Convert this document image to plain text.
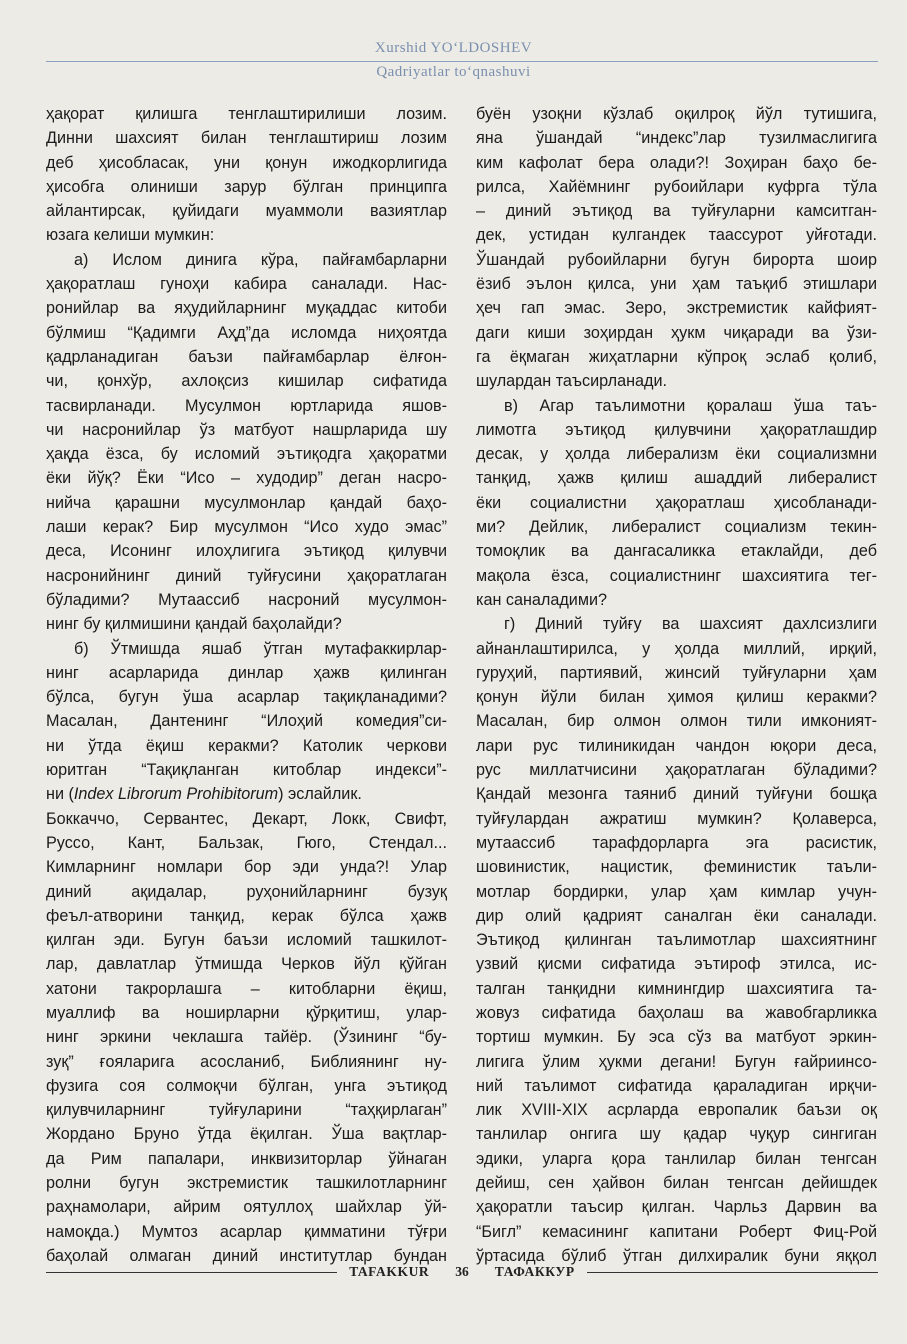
Xurshid YO‘LDOSHEV
Qadriyatlar to‘qnashuvi
ҳақорат қилишга тенглаштирилиши лозим.
Динни шахсият билан тенглаштириш лозим
деб ҳисобласак, уни қонун ижодкорлигида
ҳисобга олиниши зарур бўлган принципга
айлантирсак, қуйидаги муаммоли вазиятлар
юзага келиши мумкин:
а) Ислом динига кўра, пайғамбарларни
ҳақоратлаш гуноҳи кабира саналади. Нас-
ронийлар ва яҳудийларнинг муқаддас китоби
бўлмиш “Қадимги Аҳд”да исломда ниҳоятда
қадрланадиган баъзи пайғамбарлар ёлғон-
чи, қонхўр, ахлоқсиз кишилар сифатида
тасвирланади. Мусулмон юртларида яшов-
чи насронийлар ўз матбуот нашрларида шу
ҳақда ёзса, бу исломий эътиқодга ҳақоратми
ёки йўқ? Ёки “Исо – худодир” деган насро-
нийча қарашни мусулмонлар қандай баҳо-
лаши керак? Бир мусулмон “Исо худо эмас”
деса, Исонинг илоҳлигига эътиқод қилувчи
насронийнинг диний туйғусини ҳақоратлаган
бўладими? Мутаассиб насроний мусулмон-
нинг бу қилмишини қандай баҳолайди?
б) Ўтмишда яшаб ўтган мутафаккирлар-
нинг асарларида динлар ҳажв қилинган
бўлса, бугун ўша асарлар тақиқланадими?
Масалан, Дантенинг “Илоҳий комедия”си-
ни ўтда ёқиш керакми? Католик черкови
юритган “Тақиқланган китоблар индекси”-
ни (Index Librorum Prohibitorum) эслайлик.
Боккаччо, Сервантес, Декарт, Локк, Свифт,
Руссо, Кант, Бальзак, Гюго, Стендал...
Кимларнинг номлари бор эди унда?! Улар
диний ақидалар, руҳонийларнинг бузуқ
феъл-атворини танқид, керак бўлса ҳажв
қилган эди. Бугун баъзи исломий ташкилот-
лар, давлатлар ўтмишда Черков йўл қўйган
хатони такрорлашга – китобларни ёқиш,
муаллиф ва ноширларни қўрқитиш, улар-
нинг эркини чеклашга тайёр. (Ўзининг “бу-
зуқ” ғояларига асосланиб, Библиянинг ну-
фузига соя солмоқчи бўлган, унга эътиқод
қилувчиларнинг туйғуларини “таҳқирлаган”
Жордано Бруно ўтда ёқилган. Ўша вақтлар-
да Рим папалари, инквизиторлар ўйнаган
ролни бугун экстремистик ташкилотларнинг
раҳнамолари, айрим оятуллоҳ шайхлар ўй-
намоқда.) Мумтоз асарлар қимматини тўғри
баҳолай олмаган диний институтлар бундан
буён узоқни кўзлаб оқилроқ йўл тутишига,
яна ўшандай “индекс”лар тузилмаслигига
ким кафолат бера олади?! Зоҳиран баҳо бе-
рилса, Хайёмнинг рубоийлари куфрга тўла
– диний эътиқод ва туйғуларни камситган-
дек, устидан кулгандек таассурот уйғотади.
Ўшандай рубоийларни бугун бирорта шоир
ёзиб эълон қилса, уни ҳам таъқиб этишлари
ҳеч гап эмас. Зеро, экстремистик кайфият-
даги киши зоҳирдан ҳукм чиқаради ва ўзи-
га ёқмаган жиҳатларни кўпроқ эслаб қолиб,
шулардан таъсирланади.
в) Агар таълимотни қоралаш ўша таъ-
лимотга эътиқод қилувчини ҳақоратлашдир
десак, у ҳолда либерализм ёки социализмни
танқид, ҳажв қилиш ашаддий либералист
ёки социалистни ҳақоратлаш ҳисобланади-
ми? Дейлик, либералист социализм текин-
томоқлик ва дангасаликка етаклайди, деб
мақола ёзса, социалистнинг шахсиятига тег-
кан саналадими?
г) Диний туйғу ва шахсият дахлсизлиги
айнанлаштирилса, у ҳолда миллий, ирқий,
гуруҳий, партиявий, жинсий туйғуларни ҳам
қонун йўли билан ҳимоя қилиш керакми?
Масалан, бир олмон олмон тили имконият-
лари рус тилиникидан чандон юқори деса,
рус миллатчисини ҳақоратлаган бўладими?
Қандай мезонга таяниб диний туйғуни бошқа
туйғулардан ажратиш мумкин? Қолаверса,
мутаассиб тарафдорларга эга расистик,
шовинистик, нацистик, феминистик таъли-
мотлар бордирки, улар ҳам кимлар учун-
дир олий қадрият саналган ёки саналади.
Эътиқод қилинган таълимотлар шахсиятнинг
узвий қисми сифатида эътироф этилса, ис-
талган танқидни кимнингдир шахсиятига та-
жовуз сифатида баҳолаш ва жавобгарликка
тортиш мумкин. Бу эса сўз ва матбуот эркин-
лигига ўлим ҳукми дегани! Бугун ғайриинсо-
ний таълимот сифатида қараладиган ирқчи-
лик XVIII-XIX асрларда европалик баъзи оқ
танлилар онгига шу қадар чуқур сингиган
эдики, уларга қора танлилар билан тенгсан
дейиш, сен ҳайвон билан тенгсан дейишдек
ҳақоратли таъсир қилган. Чарльз Дарвин ва
“Бигл” кемасининг капитани Роберт Фиц-Рой
ўртасида бўлиб ўтган дилхиралик буни яққол
TAFAKKUR	36	ТАФАККУР
